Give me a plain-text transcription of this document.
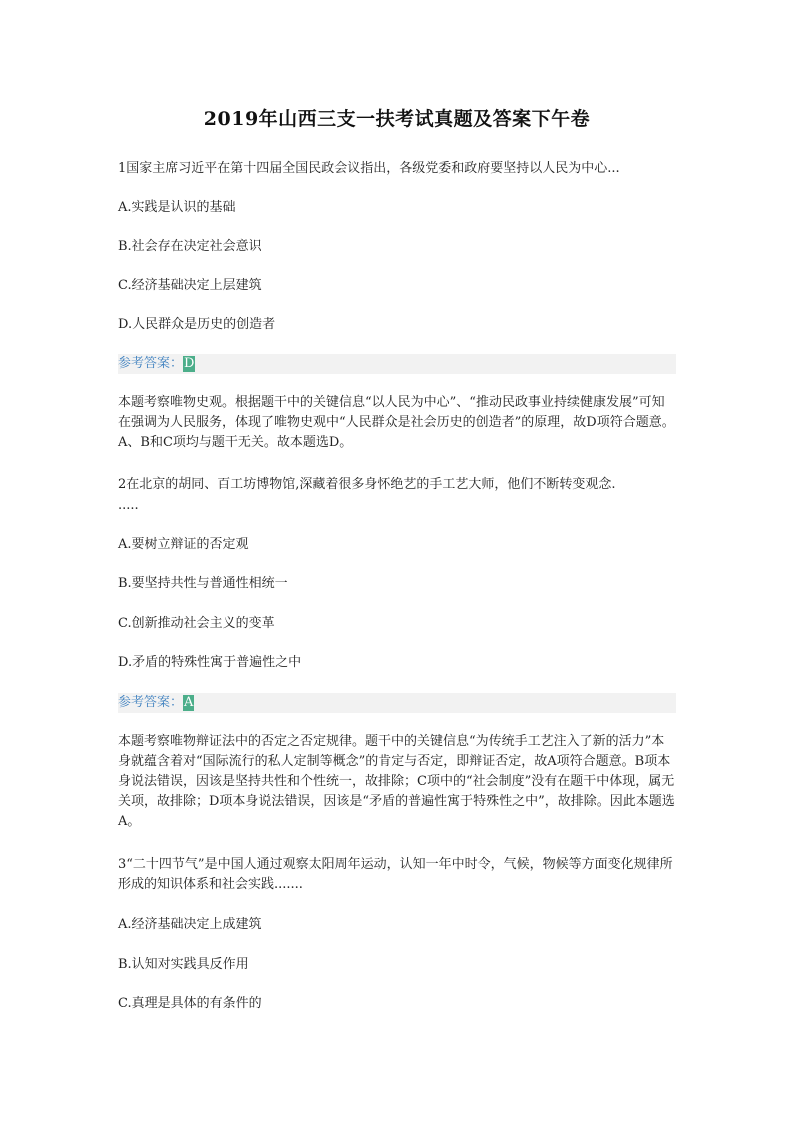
2019年山西三支一扶考试真题及答案下午卷
1国家主席习近平在第十四届全国民政会议指出，各级党委和政府要坚持以人民为中心...
A.实践是认识的基础
B.社会存在决定社会意识
C.经济基础决定上层建筑
D.人民群众是历史的创造者
参考答案：D
本题考察唯物史观。根据题干中的关键信息“以人民为中心”、“推动民政事业持续健康发展”可知在强调为人民服务，体现了唯物史观中“人民群众是社会历史的创造者”的原理，故D项符合题意。A、B和C项均与题干无关。故本题选D。
2在北京的胡同、百工坊博物馆,深藏着很多身怀绝艺的手工艺大师，他们不断转变观念.
.....
A.要树立辩证的否定观
B.要坚持共性与普通性相统一
C.创新推动社会主义的变革
D.矛盾的特殊性寓于普遍性之中
参考答案：A
本题考察唯物辩证法中的否定之否定规律。题干中的关键信息“为传统手工艺注入了新的活力”本身就蕴含着对“国际流行的私人定制等概念”的肯定与否定，即辩证否定，故A项符合题意。B项本身说法错误，因该是坚持共性和个性统一，故排除；C项中的“社会制度”没有在题干中体现，属无关项，故排除；D项本身说法错误，因该是“矛盾的普遍性寓于特殊性之中”，故排除。因此本题选A。
3“二十四节气”是中国人通过观察太阳周年运动，认知一年中时令，气候，物候等方面变化规律所形成的知识体系和社会实践.......
A.经济基础决定上成建筑
B.认知对实践具反作用
C.真理是具体的有条件的
